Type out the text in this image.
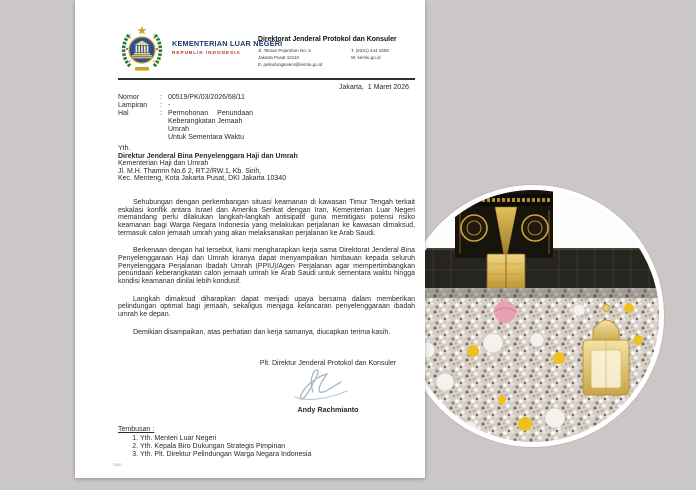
KEMENTERIAN LUAR NEGERI
REPUBLIK INDONESIA
Direktorat Jenderal Protokol dan Konsuler
Jl. Taman Pejambon No. 6
Jakarta Pusat 10110
E. pelindunganwni@kemlu.go.id
T. (6221) 344 1508
W. kemlu.go.id
Jakarta,  1 Maret 2026
Nomor	: 00519/PK/03/2026/68/11
Lampiran	: -
Hal	: Permohonan Penundaan
Keberangkatan Jemaah Umrah
Untuk Sementara Waktu
Yth.
Direktur Jenderal Bina Penyelenggara Haji dan Umrah
Kementerian Haji dan Umrah
Jl. M.H. Thamrin No.6 2, RT.2/RW.1, Kb. Sirih,
Kec. Menteng, Kota Jakarta Pusat, DKI Jakarta 10340

Sehubungan dengan perkembangan situasi keamanan di kawasan Timur Tengah terkait eskalasi konflik antara Israel dan Amerika Serikat dengan Iran, Kementerian Luar Negeri memandang perlu dilakukan langkah-langkah antisipatif guna memitigasi potensi risiko keamanan bagi Warga Negara Indonesia yang melakukan perjalanan ke kawasan dimaksud, termasuk calon jemaah umrah yang akan melaksanakan perjalanan ke Arab Saudi.

Berkenaan dengan hal tersebut, kami mengharapkan kerja sama Direktorat Jenderal Bina Penyelenggaraan Haji dan Umrah kiranya dapat menyampaikan himbauan kepada seluruh Penyelenggara Perjalanan Ibadah Umrah (PPIU)/Agen Perjalanan agar mempertimbangkan penundaan keberangkatan calon jemaah umrah ke Arab Saudi untuk sementara waktu hingga kondisi keamanan dinilai lebih kondusif.

Langkah dimaksud diharapkan dapat menjadi upaya bersama dalam memberikan pelindungan optimal bagi jemaah, sekaligus menjaga kelancaran penyelenggaraan ibadah umrah ke depan.

Demikian disampaikan, atas perhatian dan kerja samanya, diucapkan terima kasih.

Plt. Direktur Jenderal Protokol dan Konsuler
Andy Rachmianto
Tembusan :
1. Yth. Menteri Luar Negeri
2. Yth. Kepala Biro Dukungan Strategis Pimpinan
3. Yth. Plt. Direktur Pelindungan Warga Negara Indonesia
TWD
